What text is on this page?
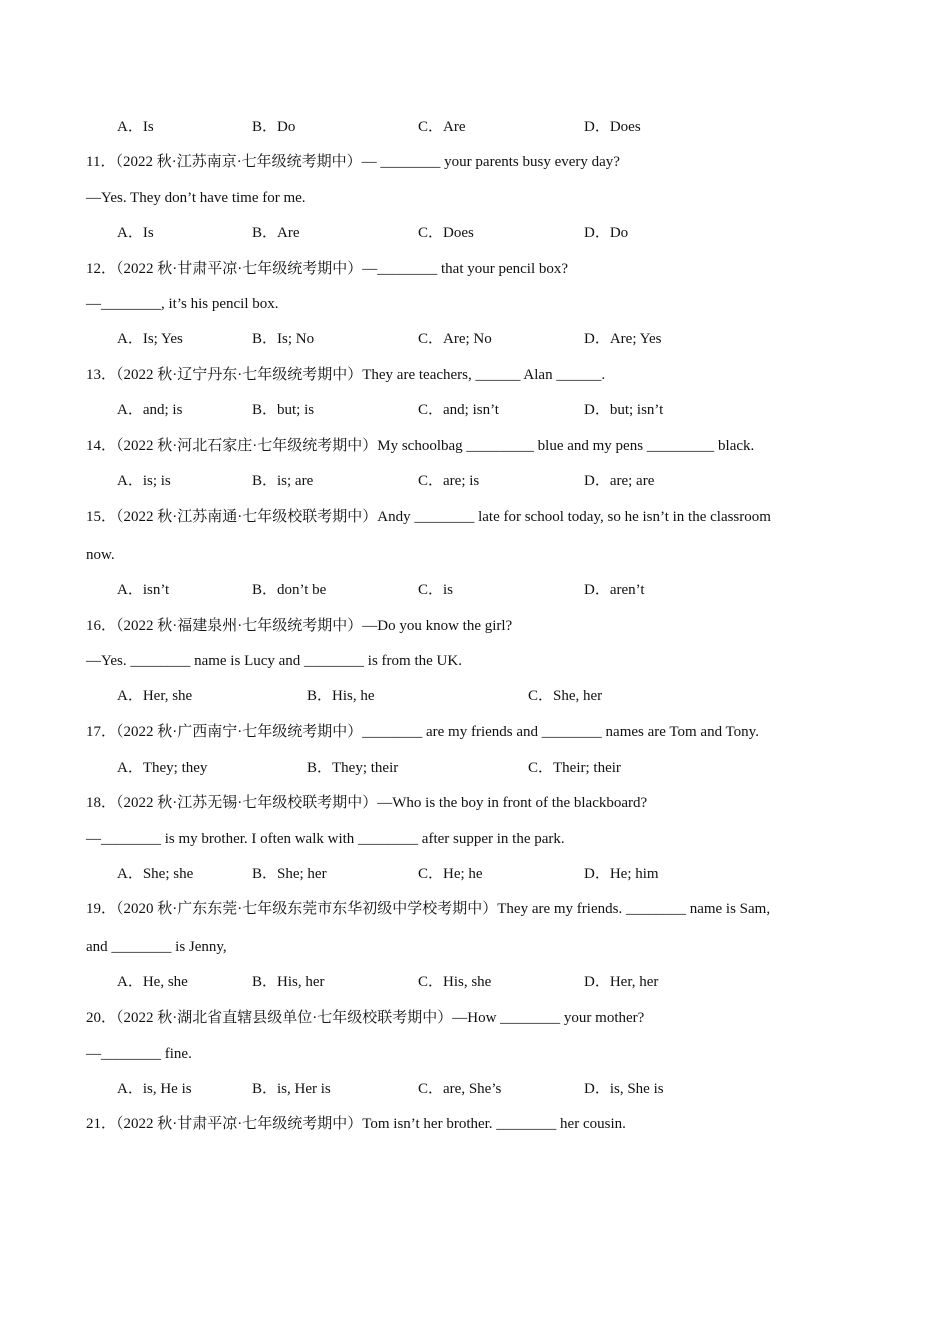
A．Is	B．Do	C．Are	D．Does
11．（2022 秋·江苏南京·七年级统考期中）— ________ your parents busy every day?
—Yes. They don’t have time for me.
A．Is	B．Are	C．Does	D．Do
12．（2022 秋·甘肃平凉·七年级统考期中）—________ that your pencil box?
—________, it’s his pencil box.
A．Is; Yes	B．Is; No	C．Are; No	D．Are; Yes
13．（2022 秋·辽宁丹东·七年级统考期中）They are teachers, ______ Alan ______.
A．and; is	B．but; is	C．and; isn’t	D．but; isn’t
14．（2022 秋·河北石家庄·七年级统考期中）My schoolbag _________ blue and my pens _________ black.
A．is; is	B．is; are	C．are; is	D．are; are
15．（2022 秋·江苏南通·七年级校联考期中）Andy ________ late for school today, so he isn’t in the classroom
now.
A．isn’t	B．don’t be	C．is	D．aren’t
16．（2022 秋·福建泉州·七年级统考期中）—Do you know the girl?
—Yes. ________ name is Lucy and ________ is from the UK.
A．Her, she	B．His, he	C．She, her
17．（2022 秋·广西南宁·七年级统考期中）________ are my friends and ________ names are Tom and Tony.
A．They; they	B．They; their	C．Their; their
18．（2022 秋·江苏无锡·七年级校联考期中）—Who is the boy in front of the blackboard?
—________ is my brother. I often walk with ________ after supper in the park.
A．She; she	B．She; her	C．He; he	D．He; him
19．（2020 秋·广东东莞·七年级东莞市东华初级中学校考期中）They are my friends. ________ name is Sam,
and ________ is Jenny,
A．He, she	B．His, her	C．His, she	D．Her, her
20．（2022 秋·湖北省直辖县级单位·七年级校联考期中）—How ________ your mother?
—________ fine.
A．is, He is	B．is, Her is	C．are, She’s	D．is, She is
21．（2022 秋·甘肃平凉·七年级统考期中）Tom isn’t her brother. ________ her cousin.
